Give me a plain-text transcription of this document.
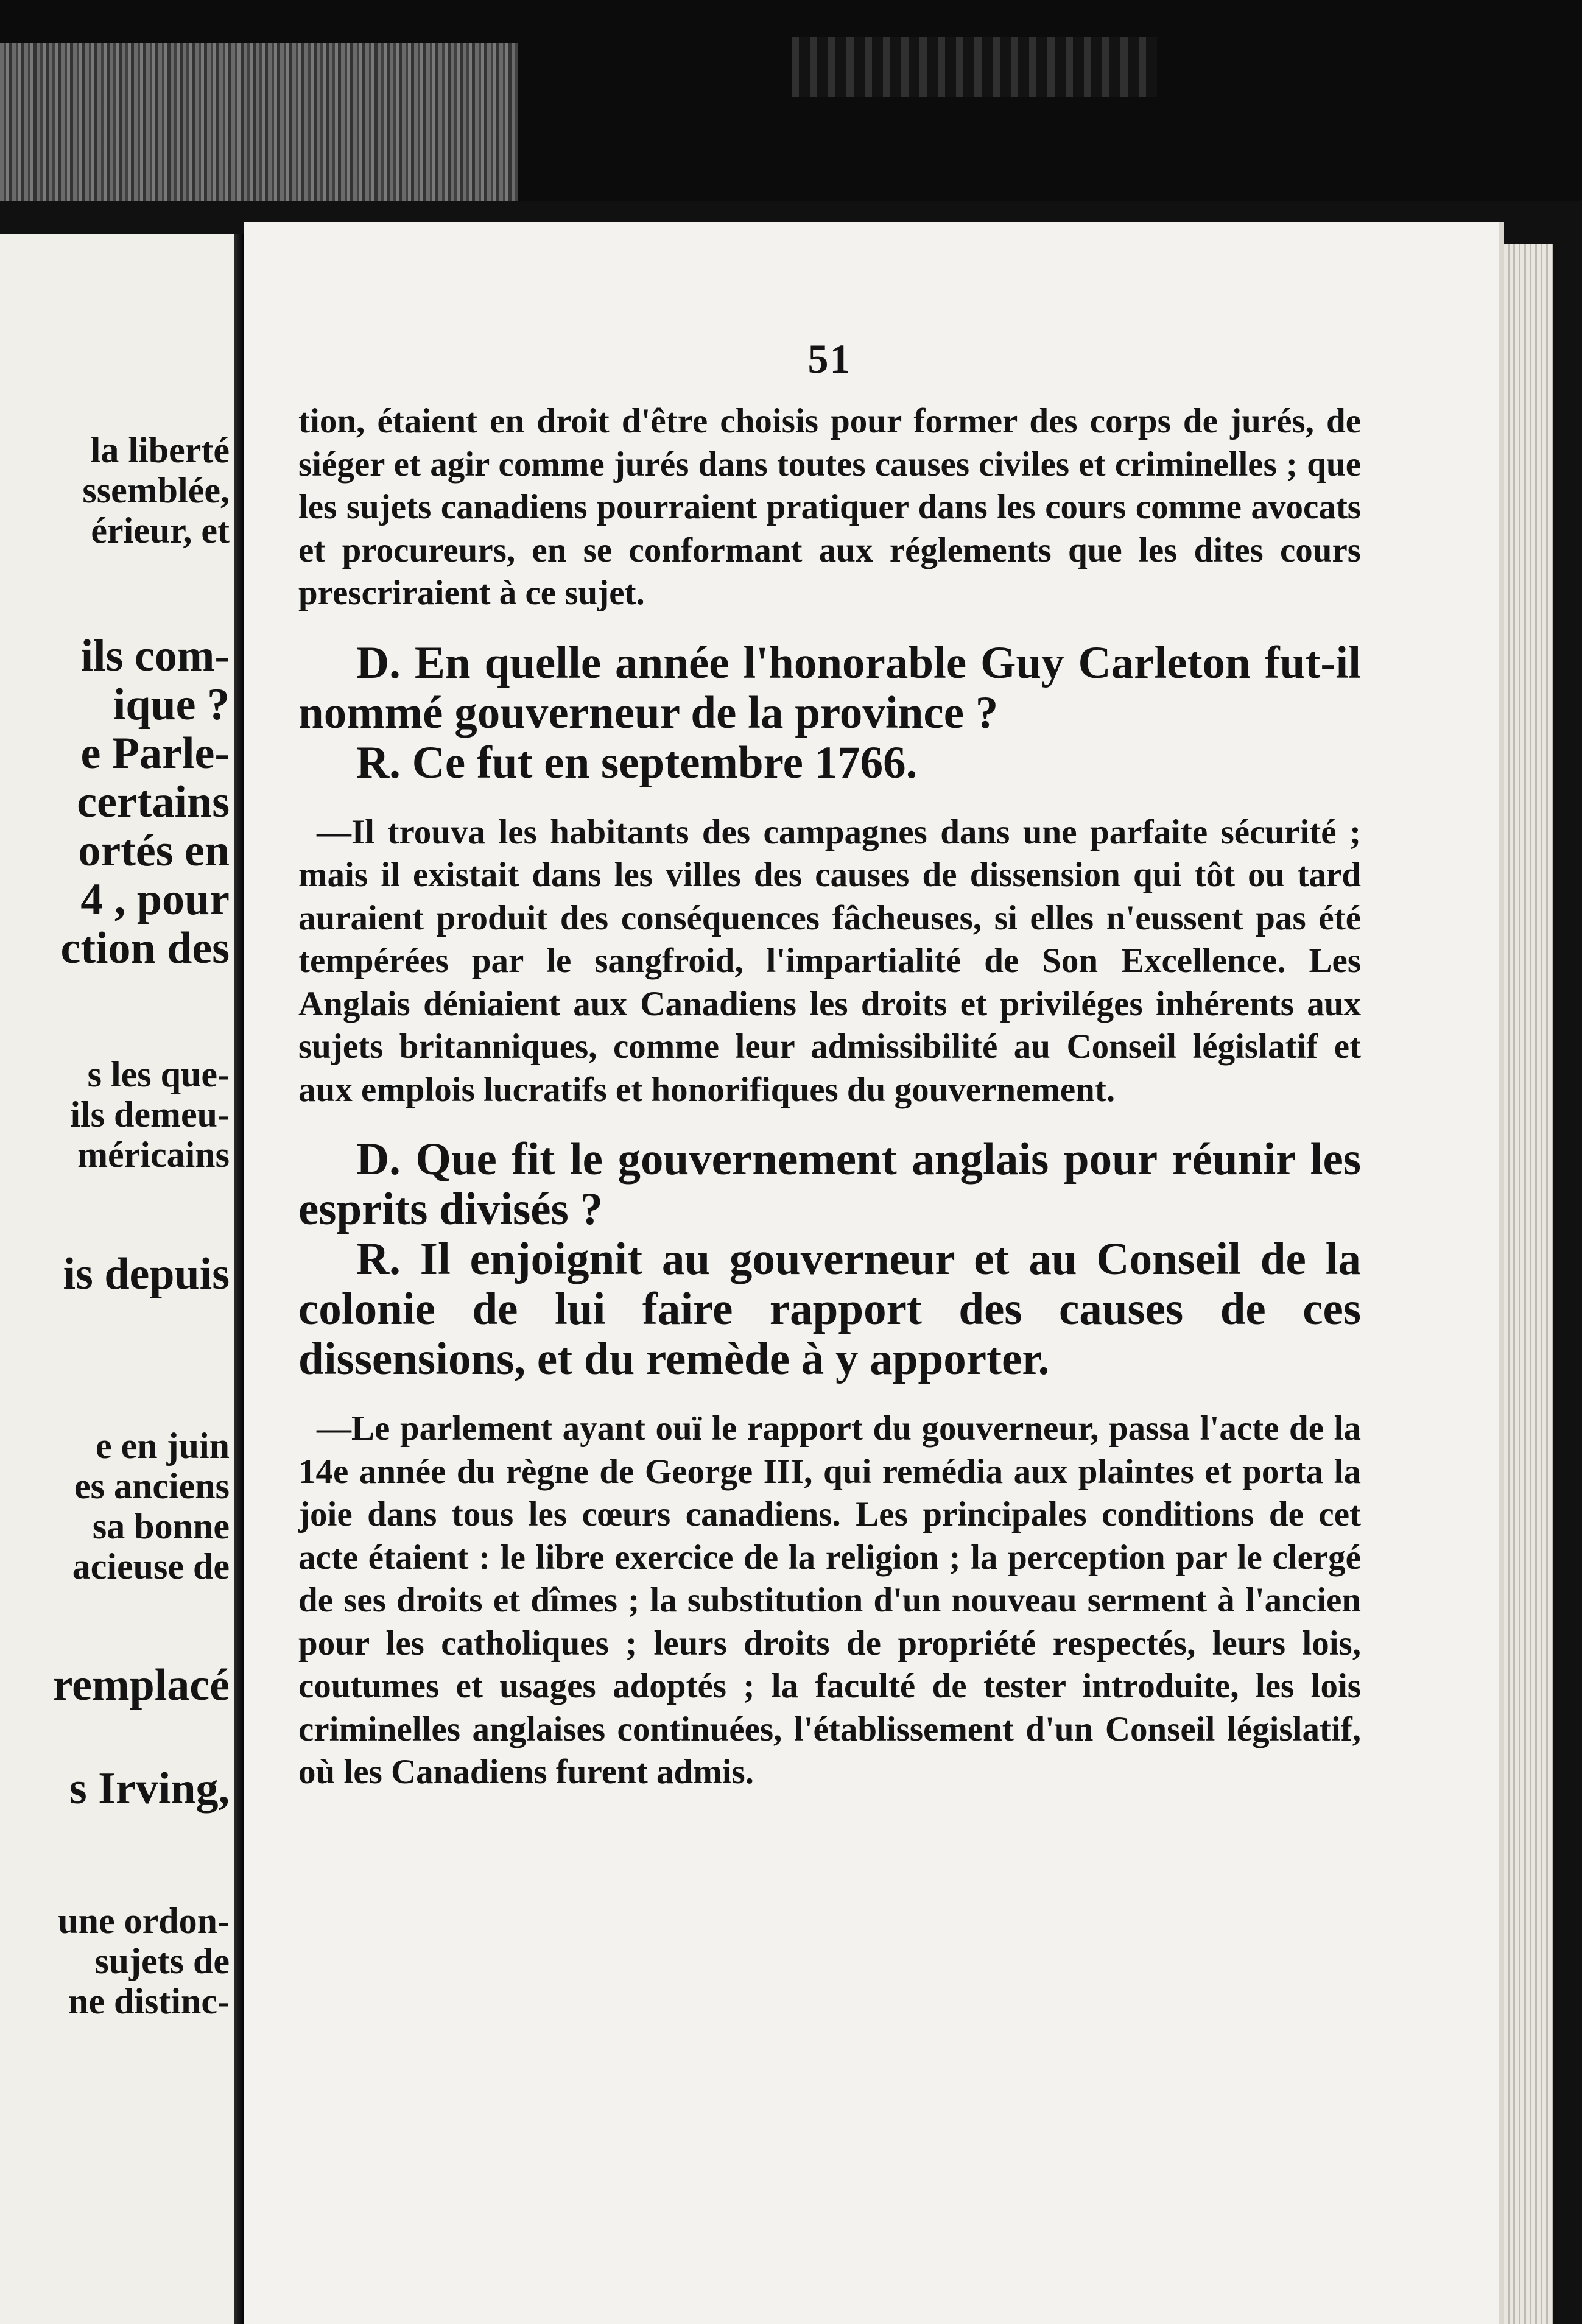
la liberté
ssemblée,
érieur, et
ils com-
ique ?
e Parle-
certains
ortés en
4 , pour
ction des
s les que-
ils demeu-
méricains
is depuis
e en juin
es anciens
sa bonne
acieuse de
remplacé
s Irving,
une ordon-
sujets de
ne distinc-
51

tion, étaient en droit d'être choisis pour former des corps de jurés, de siéger et agir comme jurés dans toutes causes civiles et criminelles ; que les sujets canadiens pourraient pratiquer dans les cours comme avocats et procureurs, en se conformant aux réglements que les dites cours prescriraient à ce sujet.

D. En quelle année l'honorable Guy Carleton fut-il nommé gouverneur de la province ?

R. Ce fut en septembre 1766.

—Il trouva les habitants des campagnes dans une parfaite sécurité ; mais il existait dans les villes des causes de dissension qui tôt ou tard auraient produit des conséquences fâcheuses, si elles n'eussent pas été tempérées par le sangfroid, l'impartialité de Son Excellence. Les Anglais déniaient aux Canadiens les droits et priviléges inhérents aux sujets britanniques, comme leur admissibilité au Conseil législatif et aux emplois lucratifs et honorifiques du gouvernement.

D. Que fit le gouvernement anglais pour réunir les esprits divisés ?

R. Il enjoignit au gouverneur et au Conseil de la colonie de lui faire rapport des causes de ces dissensions, et du remède à y apporter.

—Le parlement ayant ouï le rapport du gouverneur, passa l'acte de la 14e année du règne de George III, qui remédia aux plaintes et porta la joie dans tous les cœurs canadiens. Les principales conditions de cet acte étaient : le libre exercice de la religion ; la perception par le clergé de ses droits et dîmes ; la substitution d'un nouveau serment à l'ancien pour les catholiques ; leurs droits de propriété respectés, leurs lois, coutumes et usages adoptés ; la faculté de tester introduite, les lois criminelles anglaises continuées, l'établissement d'un Conseil législatif, où les Canadiens furent admis.
